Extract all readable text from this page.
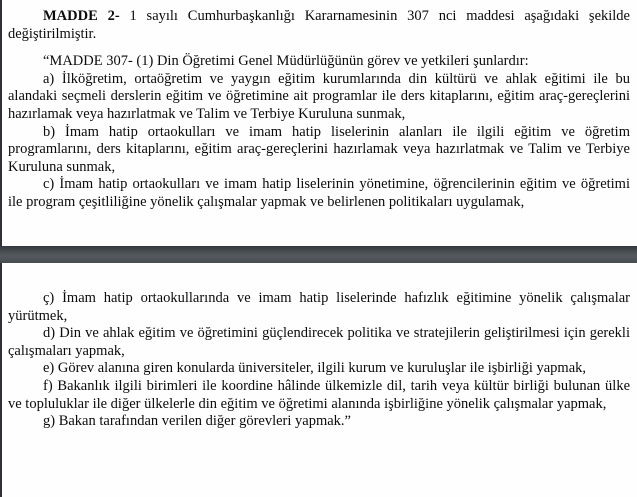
MADDE 2- 1 sayılı Cumhurbaşkanlığı Kararnamesinin 307 nci maddesi aşağıdaki şekilde değiştirilmiştir.

“MADDE 307- (1) Din Öğretimi Genel Müdürlüğünün görev ve yetkileri şunlardır:

a) İlköğretim, ortaöğretim ve yaygın eğitim kurumlarında din kültürü ve ahlak eğitimi ile bu alandaki seçmeli derslerin eğitim ve öğretimine ait programlar ile ders kitaplarını, eğitim araç-gereçlerini hazırlamak veya hazırlatmak ve Talim ve Terbiye Kuruluna sunmak,

b) İmam hatip ortaokulları ve imam hatip liselerinin alanları ile ilgili eğitim ve öğretim programlarını, ders kitaplarını, eğitim araç-gereçlerini hazırlamak veya hazırlatmak ve Talim ve Terbiye Kuruluna sunmak,

c) İmam hatip ortaokulları ve imam hatip liselerinin yönetimine, öğrencilerinin eğitim ve öğretimi ile program çeşitliliğine yönelik çalışmalar yapmak ve belirlenen politikaları uygulamak,

ç) İmam hatip ortaokullarında ve imam hatip liselerinde hafızlık eğitimine yönelik çalışmalar yürütmek,

d) Din ve ahlak eğitim ve öğretimini güçlendirecek politika ve stratejilerin geliştirilmesi için gerekli çalışmaları yapmak,

e) Görev alanına giren konularda üniversiteler, ilgili kurum ve kuruluşlar ile işbirliği yapmak,

f) Bakanlık ilgili birimleri ile koordine hâlinde ülkemizle dil, tarih veya kültür birliği bulunan ülke ve topluluklar ile diğer ülkelerle din eğitim ve öğretimi alanında işbirliğine yönelik çalışmalar yapmak,

g) Bakan tarafından verilen diğer görevleri yapmak.”
